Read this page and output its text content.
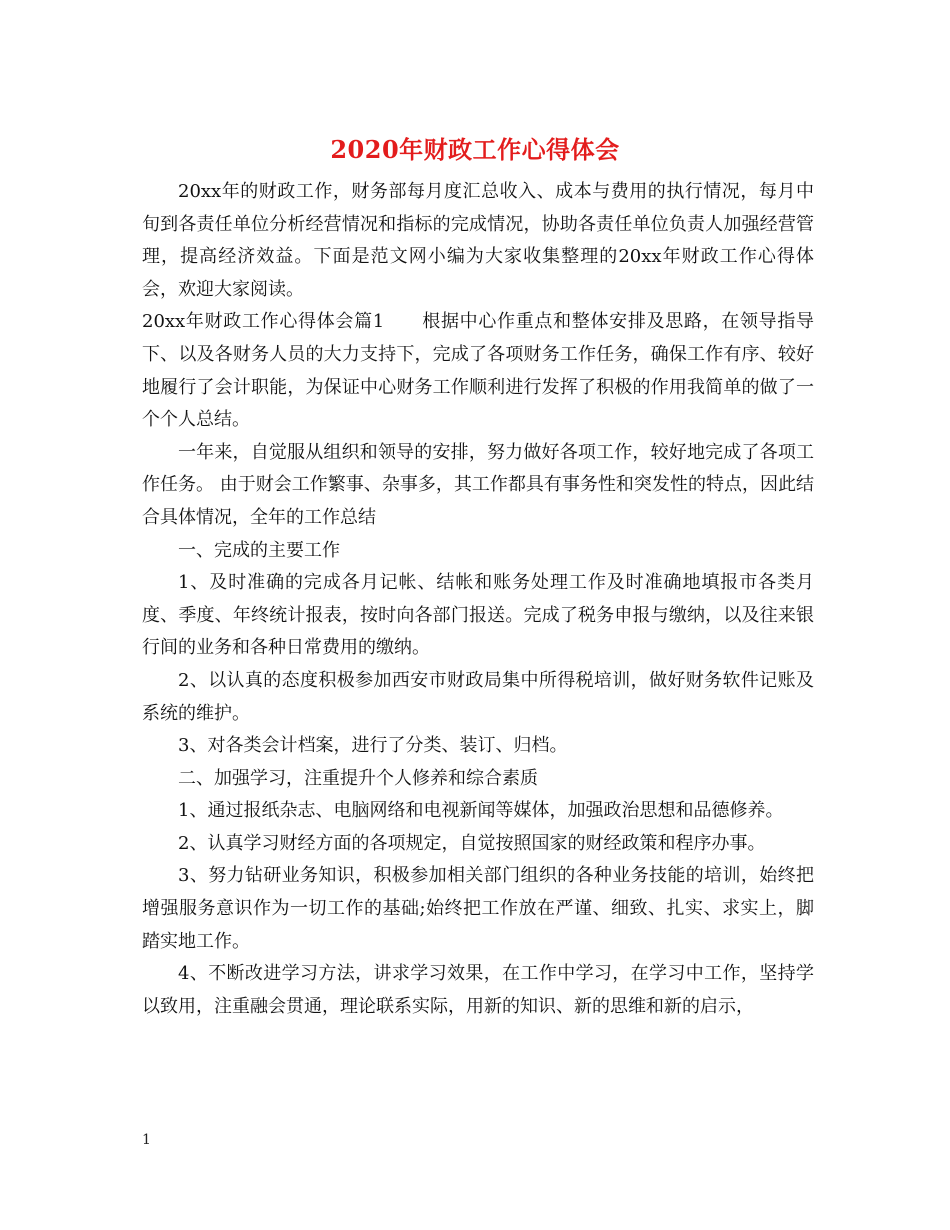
2020年财政工作心得体会

20xx年的财政工作，财务部每月度汇总收入、成本与费用的执行情况，每月中旬到各责任单位分析经营情况和指标的完成情况，协助各责任单位负责人加强经营管理，提高经济效益。下面是范文网小编为大家收集整理的20xx年财政工作心得体会，欢迎大家阅读。

20xx年财政工作心得体会篇1　　根据中心作重点和整体安排及思路，在领导指导下、以及各财务人员的大力支持下，完成了各项财务工作任务，确保工作有序、较好地履行了会计职能，为保证中心财务工作顺利进行发挥了积极的作用我简单的做了一个个人总结。

一年来，自觉服从组织和领导的安排，努力做好各项工作，较好地完成了各项工作任务。 由于财会工作繁事、杂事多，其工作都具有事务性和突发性的特点，因此结合具体情况，全年的工作总结

一、完成的主要工作

1、及时准确的完成各月记帐、结帐和账务处理工作及时准确地填报市各类月度、季度、年终统计报表，按时向各部门报送。完成了税务申报与缴纳，以及往来银行间的业务和各种日常费用的缴纳。

2、以认真的态度积极参加西安市财政局集中所得税培训，做好财务软件记账及系统的维护。

3、对各类会计档案，进行了分类、装订、归档。

二、加强学习，注重提升个人修养和综合素质

1、通过报纸杂志、电脑网络和电视新闻等媒体，加强政治思想和品德修养。

2、认真学习财经方面的各项规定，自觉按照国家的财经政策和程序办事。

3、努力钻研业务知识，积极参加相关部门组织的各种业务技能的培训，始终把增强服务意识作为一切工作的基础;始终把工作放在严谨、细致、扎实、求实上，脚踏实地工作。

4、不断改进学习方法，讲求学习效果，在工作中学习，在学习中工作，坚持学以致用，注重融会贯通，理论联系实际，用新的知识、新的思维和新的启示，

1
